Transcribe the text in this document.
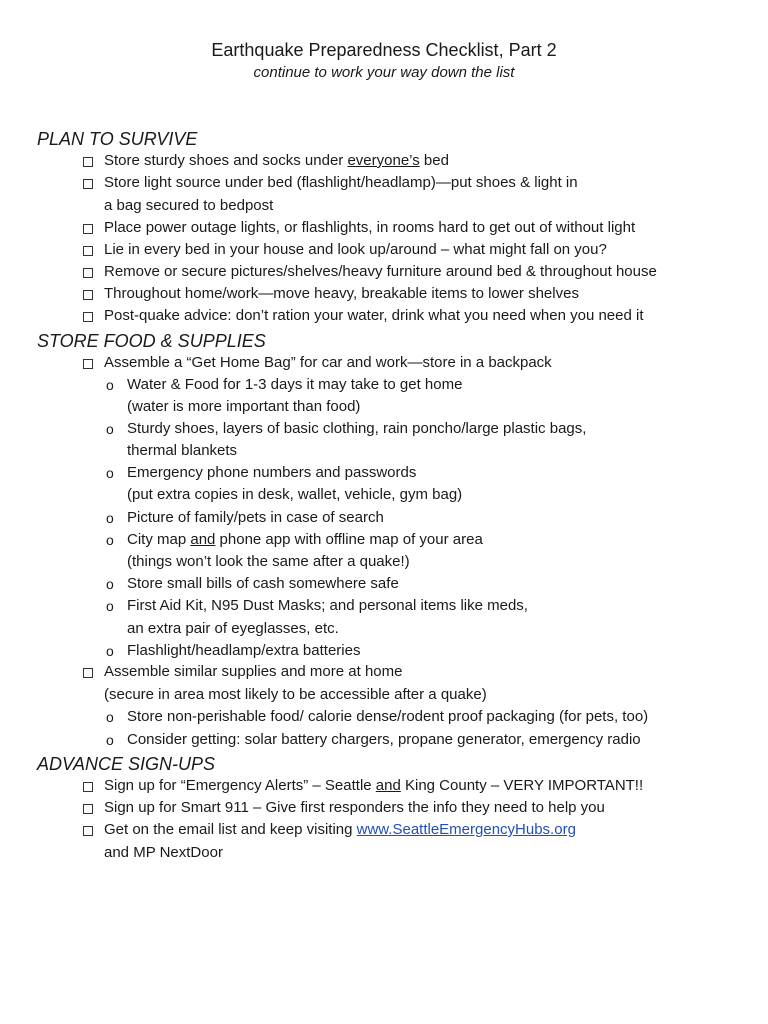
Earthquake Preparedness Checklist, Part 2
continue to work your way down the list
PLAN TO SURVIVE
Store sturdy shoes and socks under everyone’s bed
Store light source under bed (flashlight/headlamp)—put shoes & light in
a bag secured to bedpost
Place power outage lights, or flashlights, in rooms hard to get out of without light
Lie in every bed in your house and look up/around – what might fall on you?
Remove or secure pictures/shelves/heavy furniture around bed & throughout house
Throughout home/work—move heavy, breakable items to lower shelves
Post-quake advice: don’t ration your water, drink what you need when you need it
STORE FOOD & SUPPLIES
Assemble a “Get Home Bag” for car and work—store in a backpack
o Water & Food for 1-3 days it may take to get home
(water is more important than food)
o Sturdy shoes, layers of basic clothing, rain poncho/large plastic bags,
thermal blankets
o Emergency phone numbers and passwords
(put extra copies in desk, wallet, vehicle, gym bag)
o Picture of family/pets in case of search
o City map and phone app with offline map of your area
(things won’t look the same after a quake!)
o Store small bills of cash somewhere safe
o First Aid Kit, N95 Dust Masks; and personal items like meds,
an extra pair of eyeglasses, etc.
o Flashlight/headlamp/extra batteries
Assemble similar supplies and more at home
(secure in area most likely to be accessible after a quake)
o Store non-perishable food/ calorie dense/rodent proof packaging (for pets, too)
o Consider getting: solar battery chargers, propane generator, emergency radio
ADVANCE SIGN-UPS
Sign up for “Emergency Alerts” – Seattle and King County – VERY IMPORTANT!!
Sign up for Smart 911 – Give first responders the info they need to help you
Get on the email list and keep visiting www.SeattleEmergencyHubs.org
and MP NextDoor
